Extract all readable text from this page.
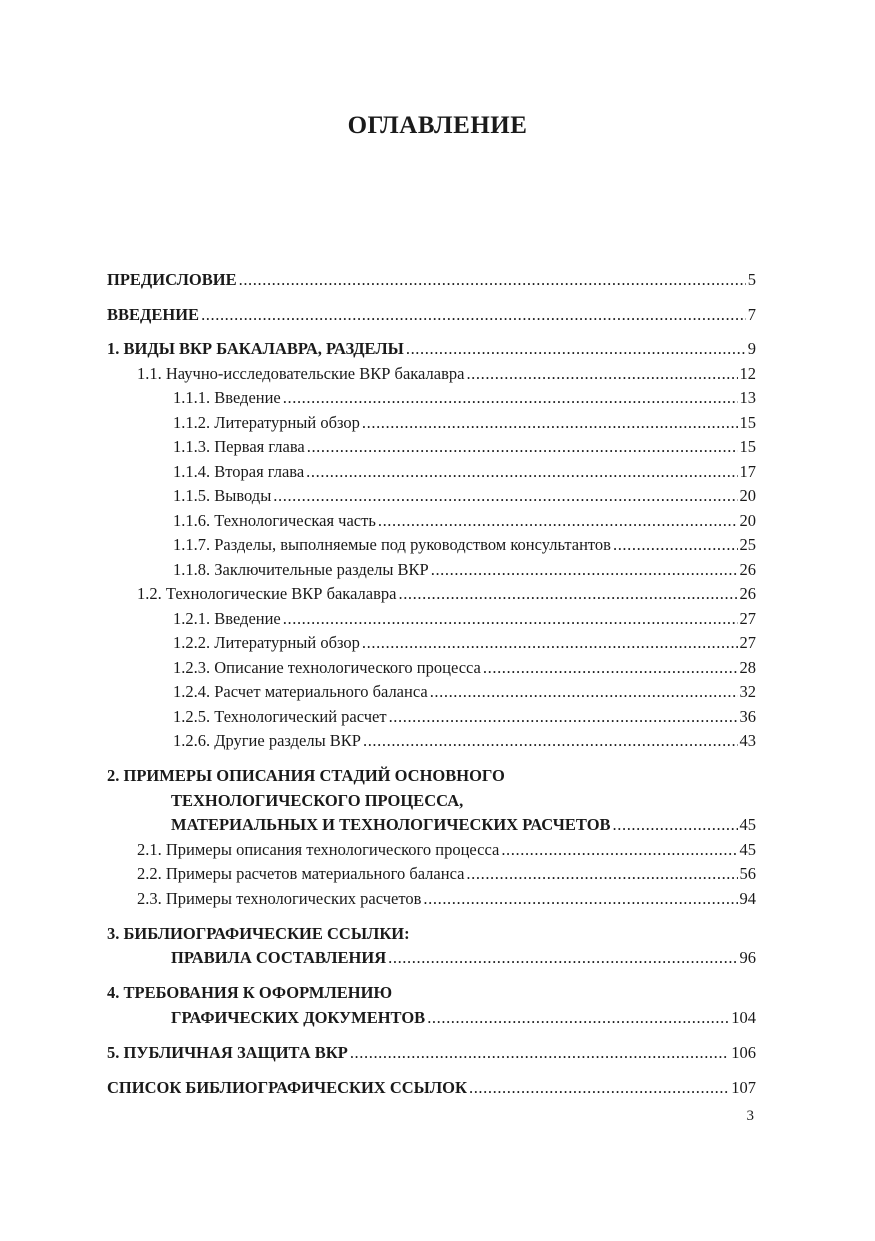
ОГЛАВЛЕНИЕ
ПРЕДИСЛОВИЕ .....	5
ВВЕДЕНИЕ .....	7
1. ВИДЫ ВКР БАКАЛАВРА, РАЗДЕЛЫ .....	9
1.1. Научно-исследовательские ВКР бакалавра .....	12
1.1.1. Введение .....	13
1.1.2. Литературный обзор .....	15
1.1.3. Первая глава .....	15
1.1.4. Вторая глава .....	17
1.1.5. Выводы .....	20
1.1.6. Технологическая часть .....	20
1.1.7. Разделы, выполняемые под руководством консультантов .....	25
1.1.8. Заключительные разделы ВКР .....	26
1.2. Технологические ВКР бакалавра .....	26
1.2.1. Введение .....	27
1.2.2. Литературный обзор .....	27
1.2.3. Описание технологического процесса .....	28
1.2.4. Расчет материального баланса .....	32
1.2.5. Технологический расчет .....	36
1.2.6. Другие разделы ВКР .....	43
2. ПРИМЕРЫ ОПИСАНИЯ СТАДИЙ ОСНОВНОГО
ТЕХНОЛОГИЧЕСКОГО ПРОЦЕССА,
МАТЕРИАЛЬНЫХ И ТЕХНОЛОГИЧЕСКИХ РАСЧЕТОВ .....	45
2.1. Примеры описания технологического процесса .....	45
2.2. Примеры расчетов материального баланса .....	56
2.3. Примеры технологических расчетов .....	94
3. БИБЛИОГРАФИЧЕСКИЕ ССЫЛКИ:
ПРАВИЛА СОСТАВЛЕНИЯ .....	96
4. ТРЕБОВАНИЯ К ОФОРМЛЕНИЮ
ГРАФИЧЕСКИХ ДОКУМЕНТОВ .....	104
5. ПУБЛИЧНАЯ ЗАЩИТА ВКР .....	106
СПИСОК БИБЛИОГРАФИЧЕСКИХ ССЫЛОК .....	107
3
